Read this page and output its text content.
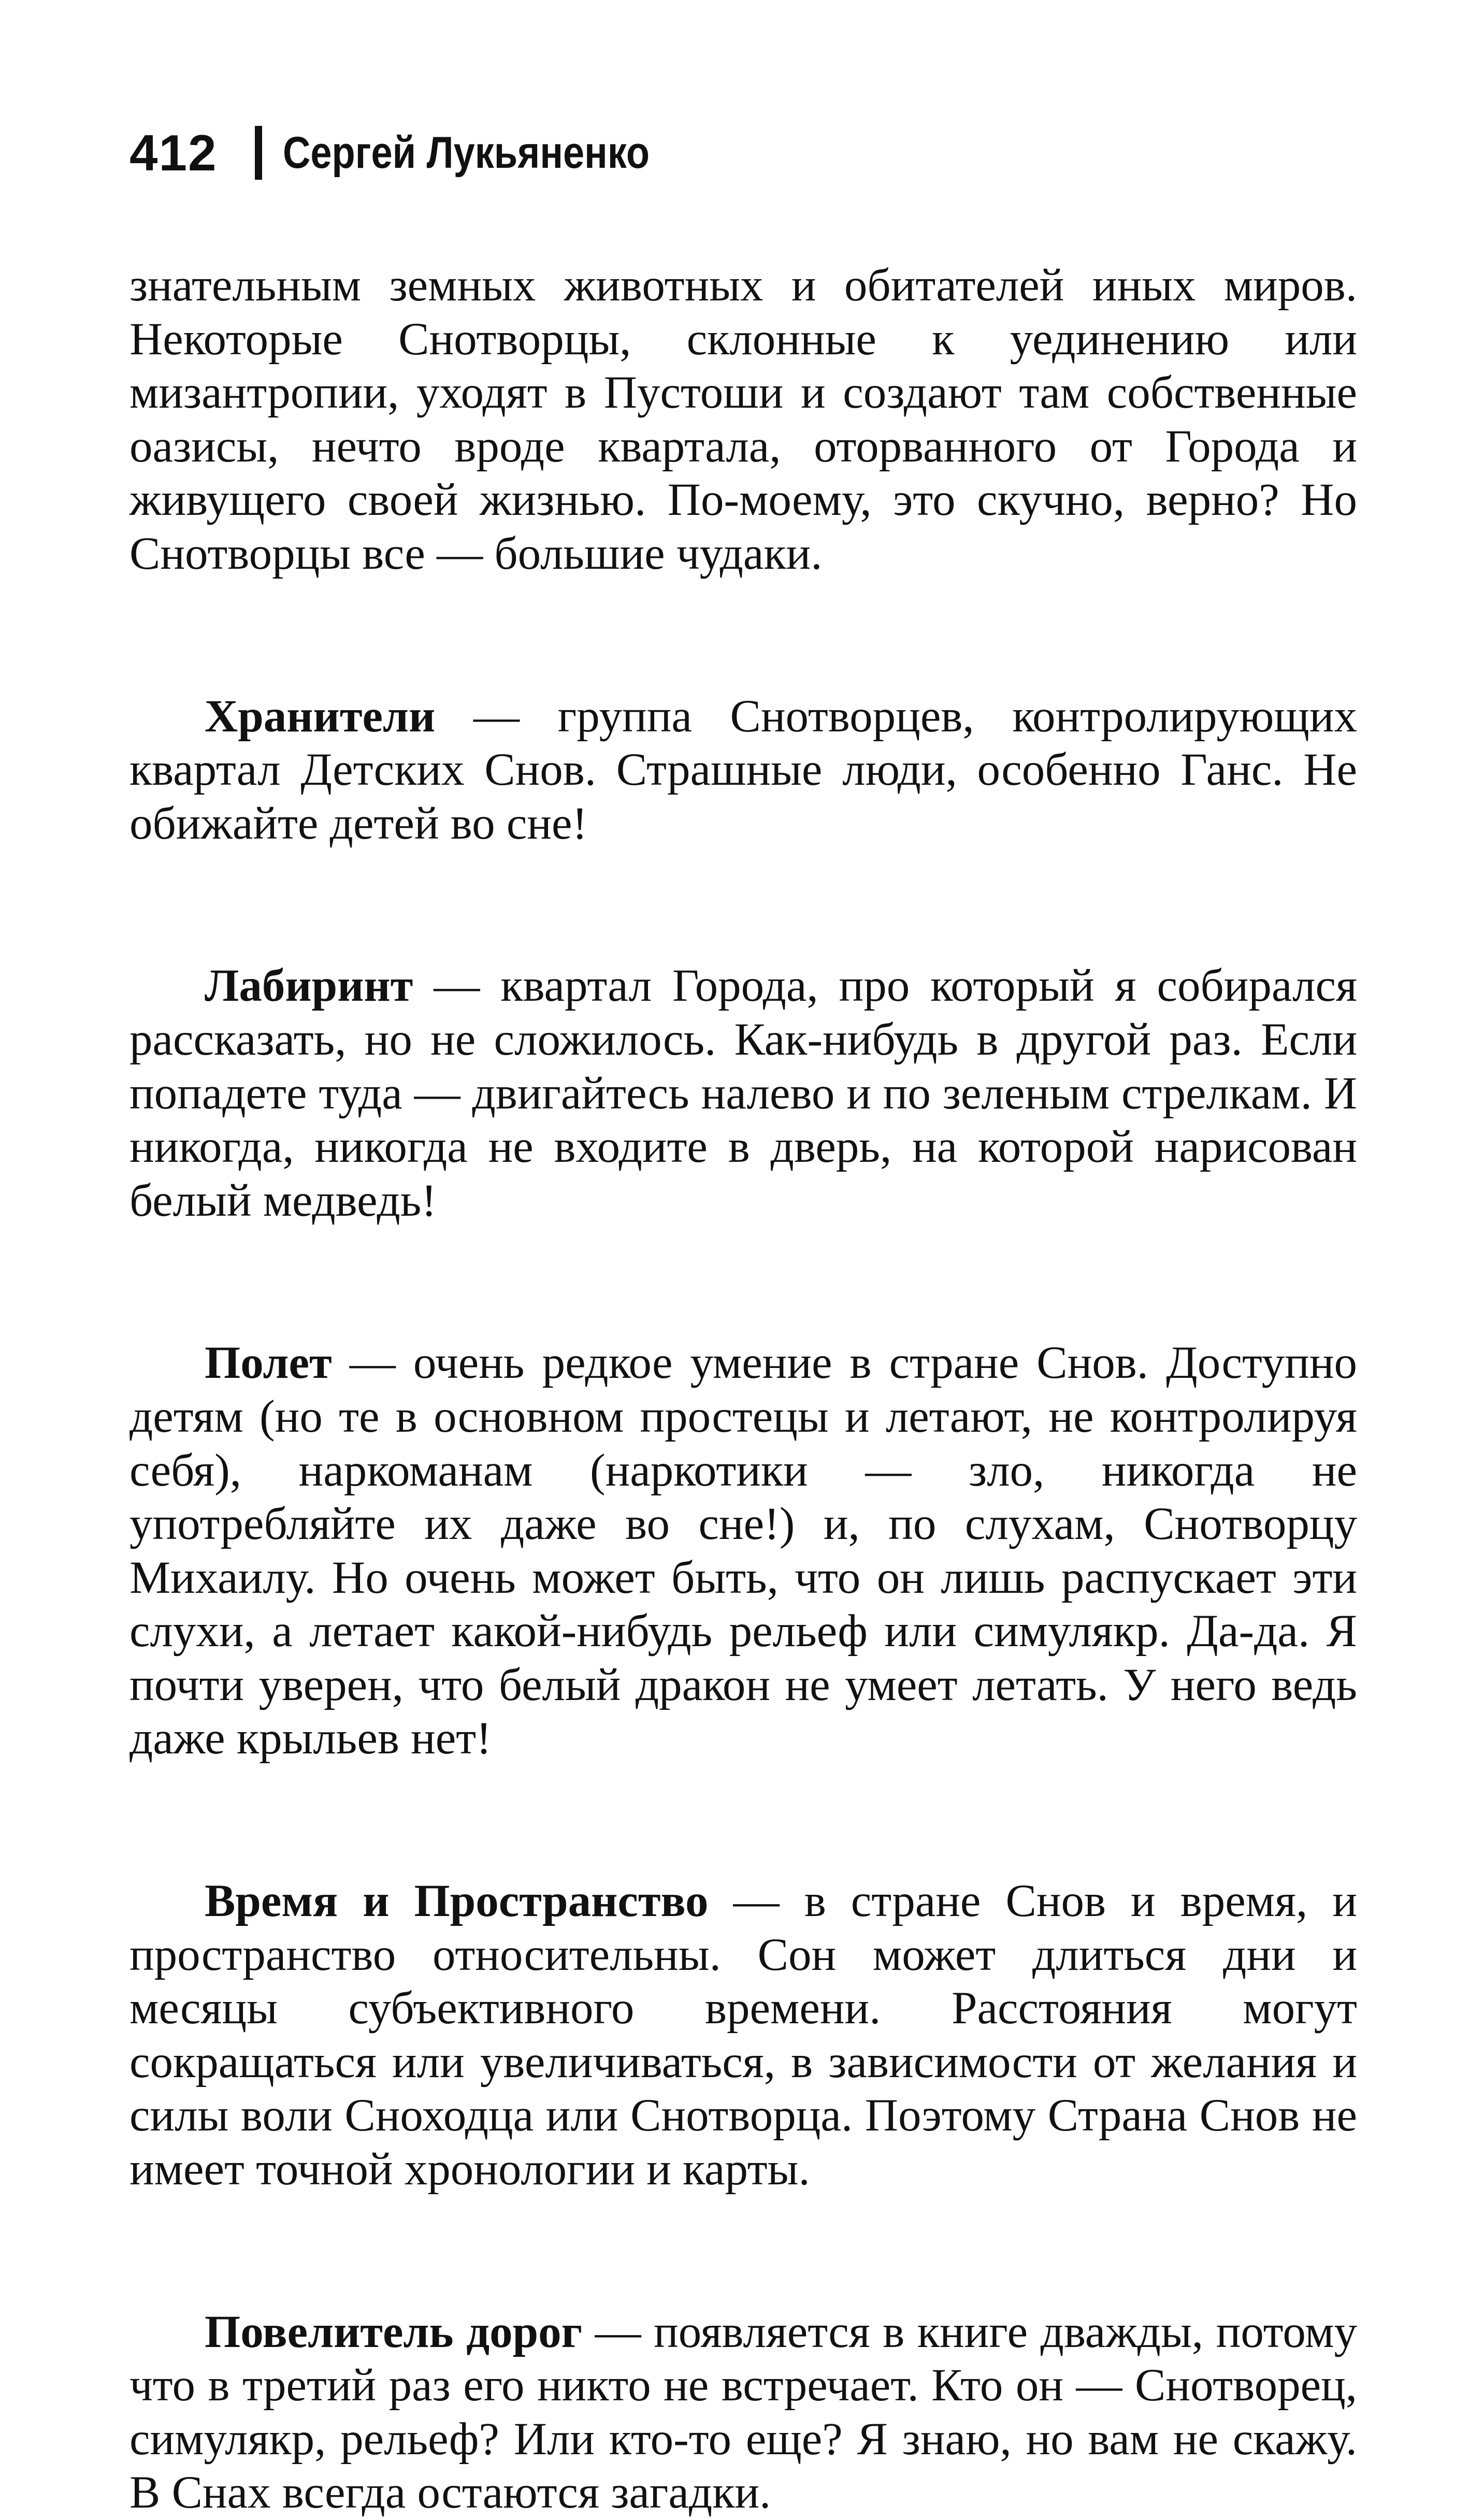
412 Сергей Лукьяненко

знательным земных животных и обитателей иных миров. Некоторые Снотворцы, склонные к уединению или мизантропии, уходят в Пустоши и создают там собственные оазисы, нечто вроде квартала, оторванного от Города и живущего своей жизнью. По-моему, это скучно, верно? Но Снотворцы все — большие чудаки.

Хранители — группа Снотворцев, контролирующих квартал Детских Снов. Страшные люди, особенно Ганс. Не обижайте детей во сне!

Лабиринт — квартал Города, про который я собирался рассказать, но не сложилось. Как-нибудь в другой раз. Если попадете туда — двигайтесь налево и по зеленым стрелкам. И никогда, никогда не входите в дверь, на которой нарисован белый медведь!

Полет — очень редкое умение в стране Снов. Доступно детям (но те в основном простецы и летают, не контролируя себя), наркоманам (наркотики — зло, никогда не употребляйте их даже во сне!) и, по слухам, Снотворцу Михаилу. Но очень может быть, что он лишь распускает эти слухи, а летает какой-нибудь рельеф или симулякр. Да-да. Я почти уверен, что белый дракон не умеет летать. У него ведь даже крыльев нет!

Время и Пространство — в стране Снов и время, и пространство относительны. Сон может длиться дни и месяцы субъективного времени. Расстояния могут сокращаться или увеличиваться, в зависимости от желания и силы воли Сноходца или Снотворца. Поэтому Страна Снов не имеет точной хронологии и карты.

Повелитель дорог — появляется в книге дважды, потому что в третий раз его никто не встречает. Кто он — Снотворец, симулякр, рельеф? Или кто-то еще? Я знаю, но вам не скажу. В Снах всегда остаются загадки.
